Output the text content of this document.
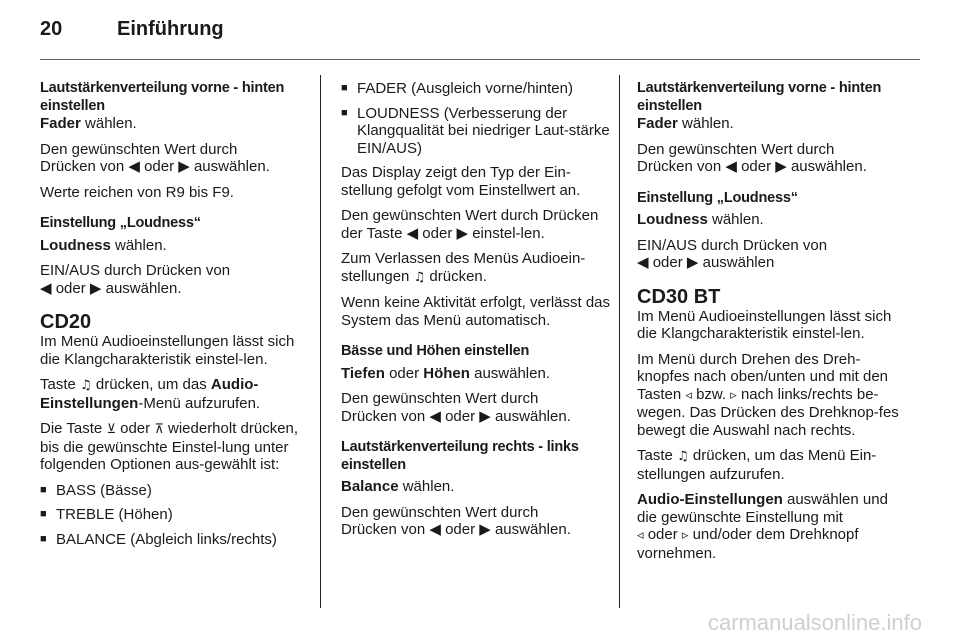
20	Einführung
Lautstärkenverteilung vorne - hinten einstellen

Fader wählen.

Den gewünschten Wert durch
Drücken von ◀ oder ▶ auswählen.

Werte reichen von R9 bis F9.

Einstellung „Loudness“

Loudness wählen.

EIN/AUS durch Drücken von
◀ oder ▶ auswählen.

CD20

Im Menü Audioeinstellungen lässt sich die Klangcharakteristik einstel-len.

Taste ♫ drücken, um das Audio-Einstellungen-Menü aufzurufen.

Die Taste ⊻ oder ⊼ wiederholt drücken, bis die gewünschte Einstel-lung unter folgenden Optionen aus-gewählt ist:

■ BASS (Bässe)
■ TREBLE (Höhen)
■ BALANCE (Abgleich links/rechts)
■ FADER (Ausgleich vorne/hinten)
■ LOUDNESS (Verbesserung der Klangqualität bei niedriger Laut-stärke EIN/AUS)

Das Display zeigt den Typ der Ein-stellung gefolgt vom Einstellwert an.

Den gewünschten Wert durch Drücken der Taste ◀ oder ▶ einstel-len.

Zum Verlassen des Menüs Audioein-stellungen ♫ drücken.

Wenn keine Aktivität erfolgt, verlässt das System das Menü automatisch.

Bässe und Höhen einstellen

Tiefen oder Höhen auswählen.

Den gewünschten Wert durch
Drücken von ◀ oder ▶ auswählen.

Lautstärkenverteilung rechts - links einstellen

Balance wählen.

Den gewünschten Wert durch
Drücken von ◀ oder ▶ auswählen.

Lautstärkenverteilung vorne - hinten einstellen

Fader wählen.

Den gewünschten Wert durch
Drücken von ◀ oder ▶ auswählen.

Einstellung „Loudness“

Loudness wählen.

EIN/AUS durch Drücken von
◀ oder ▶ auswählen

CD30 BT

Im Menü Audioeinstellungen lässt sich die Klangcharakteristik einstel-len.

Im Menü durch Drehen des Dreh-knopfes nach oben/unten und mit den Tasten ◃ bzw. ▹ nach links/rechts be-wegen. Das Drücken des Drehknop-fes bewegt die Auswahl nach rechts.

Taste ♫ drücken, um das Menü Ein-stellungen aufzurufen.

Audio-Einstellungen auswählen und die gewünschte Einstellung mit
◃ oder ▹ und/oder dem Drehknopf vornehmen.

carmanualsonline.info
